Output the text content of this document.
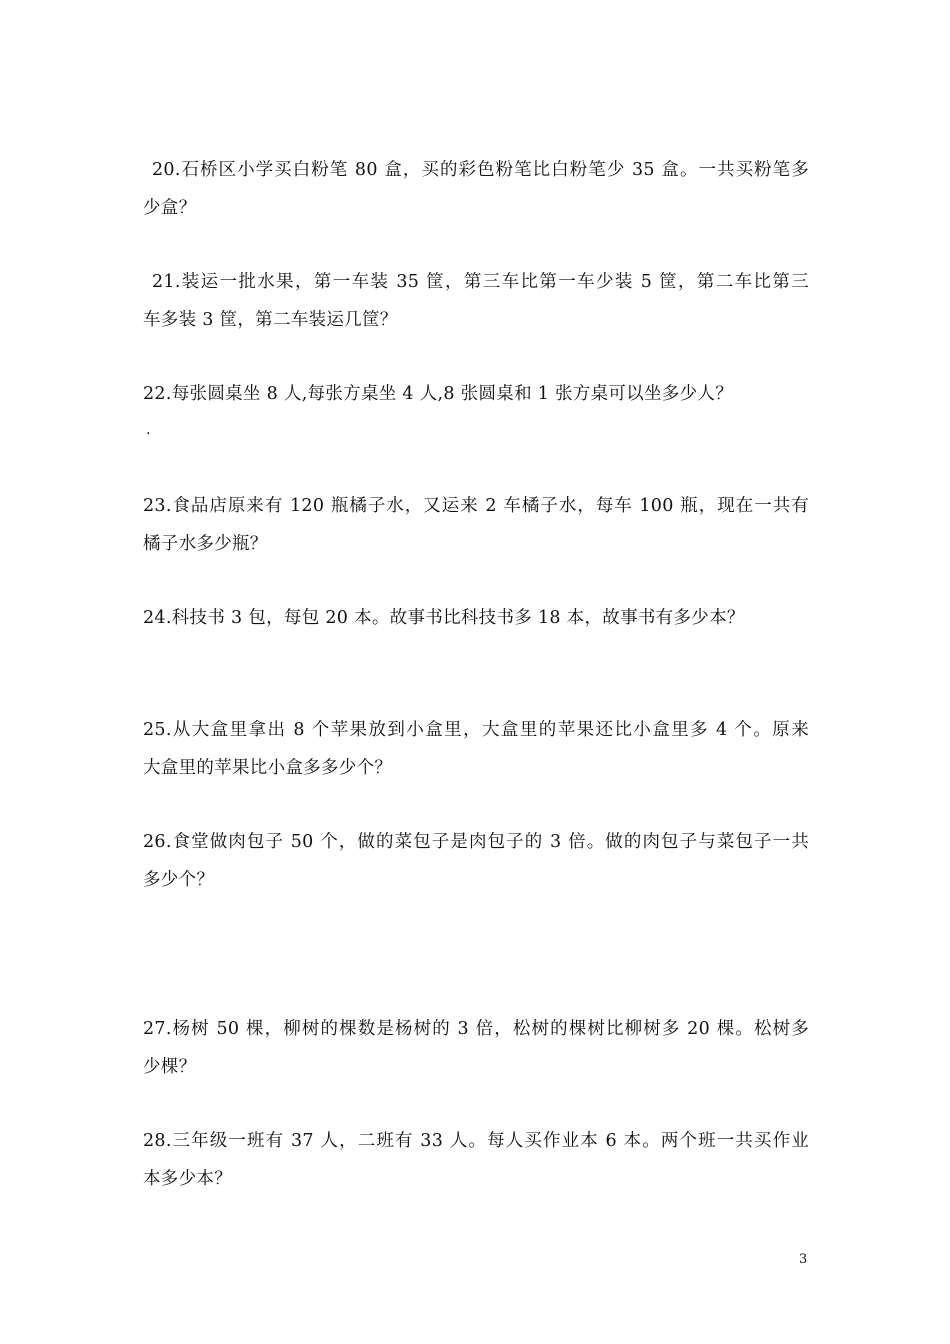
20.石桥区小学买白粉笔 80 盒，买的彩色粉笔比白粉笔少 35 盒。一共买粉笔多
少盒？
21.装运一批水果，第一车装 35 筐，第三车比第一车少装 5 筐，第二车比第三
车多装 3 筐，第二车装运几筐？
22.每张圆桌坐 8 人,每张方桌坐 4 人,8 张圆桌和 1 张方桌可以坐多少人？
.
23.食品店原来有 120 瓶橘子水，又运来 2 车橘子水，每车 100 瓶，现在一共有
橘子水多少瓶？
24.科技书 3 包，每包 20 本。故事书比科技书多 18 本，故事书有多少本？
25.从大盒里拿出 8 个苹果放到小盒里，大盒里的苹果还比小盒里多 4 个。原来
大盒里的苹果比小盒多多少个？
26.食堂做肉包子 50 个，做的菜包子是肉包子的 3 倍。做的肉包子与菜包子一共
多少个？
27.杨树 50 棵，柳树的棵数是杨树的 3 倍，松树的棵树比柳树多 20 棵。松树多
少棵？
28.三年级一班有 37 人，二班有 33 人。每人买作业本 6 本。两个班一共买作业
本多少本？
3
